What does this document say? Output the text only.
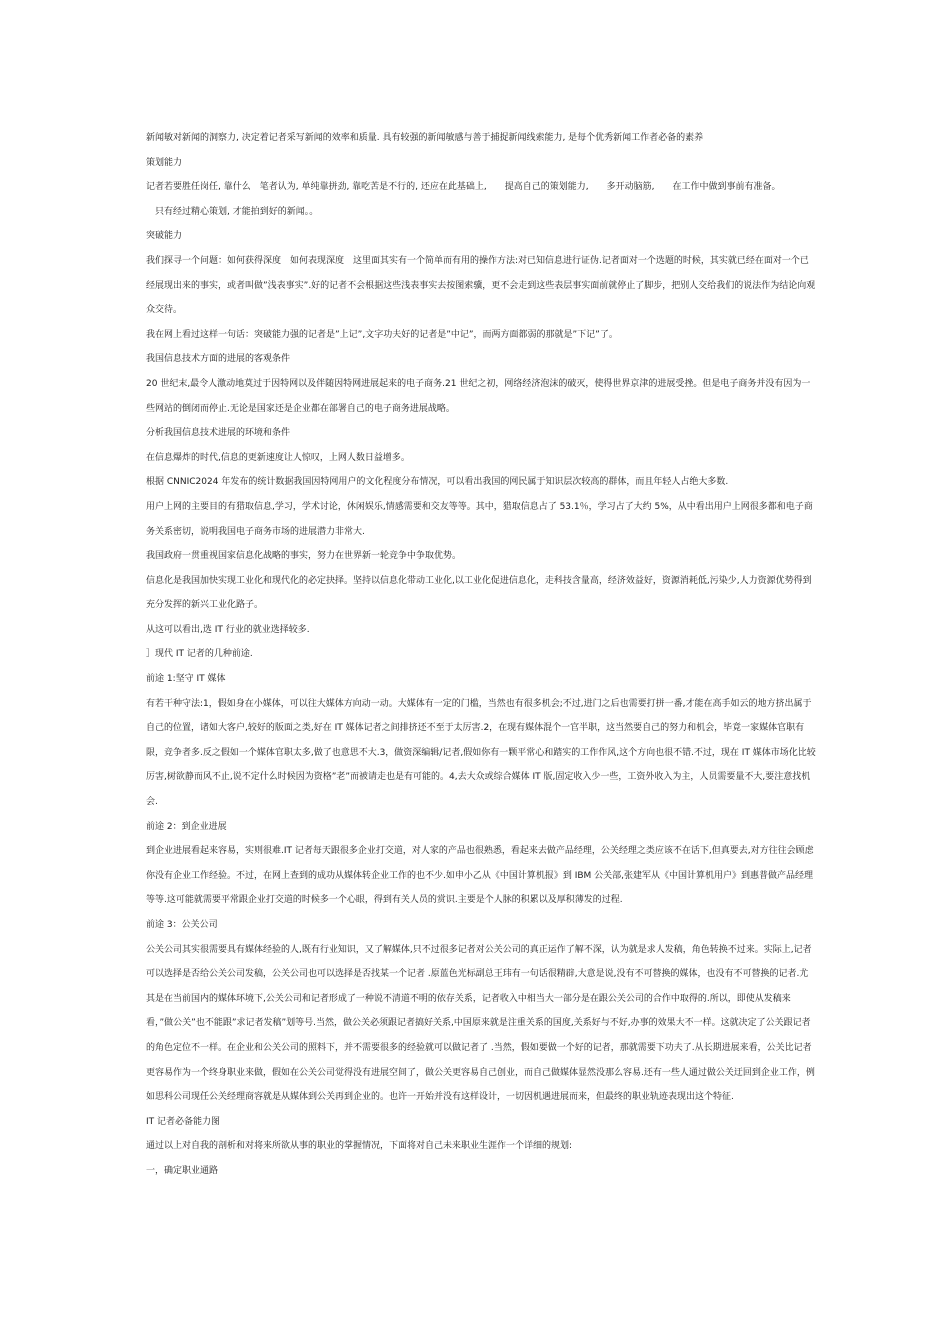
新闻敏对新闻的洞察力, 决定着记者采写新闻的效率和质量. 具有较强的新闻敏感与善于捕捉新闻线索能力, 是每个优秀新闻工作者必备的素养

策划能力

记者若要胜任岗任, 靠什么　笔者认为, 单纯靠拼劲, 靠吃苦是不行的, 还应在此基础上,　　提高自己的策划能力,　　多开动脑筋,　　在工作中做到事前有准备。

只有经过精心策划, 才能拍到好的新闻。。

突破能力

我们探寻一个问题：如何获得深度　如何表现深度　这里面其实有一个简单而有用的操作方法:对已知信息进行证伪.记者面对一个选题的时候，其实就已经在面对一个已经展现出来的事实，或者叫做”浅表事实”.好的记者不会根据这些浅表事实去按图索骥，更不会走到这些表层事实面前就停止了脚步，把别人交给我们的说法作为结论向观众交待。

我在网上看过这样一句话：突破能力强的记者是”上记”,文字功夫好的记者是”中记”，而两方面都弱的那就是”下记”了。

我国信息技术方面的进展的客观条件

20 世纪末,最令人激动地莫过于因特网以及伴随因特网进展起来的电子商务.21 世纪之初，网络经济泡沫的破灭，使得世界京津的进展受挫。但是电子商务并没有因为一些网站的倒闭而停止.无论是国家还是企业都在部署自己的电子商务进展战略。

分析我国信息技术进展的环境和条件

在信息爆炸的时代,信息的更新速度让人惊叹，上网人数日益增多。

根据 CNNIC2024 年发布的统计数据我国因特网用户的文化程度分布情况，可以看出我国的网民属于知识层次较高的群体，而且年轻人占绝大多数.

用户上网的主要目的有猎取信息,学习，学术讨论，休闲娱乐,情感需要和交友等等。其中，猎取信息占了 53.1％，学习占了大约 5%，从中看出用户上网很多都和电子商务关系密切，说明我国电子商务市场的进展潜力非常大.

我国政府一贯重视国家信息化战略的事实，努力在世界新一轮竞争中争取优势。

信息化是我国加快实现工业化和现代化的必定抉择。坚持以信息化带动工业化,以工业化促进信息化，走科技含量高，经济效益好，资源消耗低,污染少,人力资源优势得到充分发挥的新兴工业化路子。

从这可以看出,选 IT 行业的就业选择较多.

］现代 IT 记者的几种前途.

前途 1:坚守 IT 媒体

有若干种守法:1，假如身在小媒体，可以往大媒体方向动一动。大媒体有一定的门槛，当然也有很多机会;不过,进门之后也需要打拼一番,才能在高手如云的地方挤出属于自己的位置，诸如大客户,较好的版面之类,好在 IT 媒体记者之间排挤还不至于太厉害.2，在现有媒体混个一官半职，这当然要自己的努力和机会，毕竟一家媒体官职有限，竞争者多.反之假如一个媒体官职太多,做了也意思不大.3，做资深编辑/记者,假如你有一颗平常心和踏实的工作作风,这个方向也很不错.不过，现在 IT 媒体市场化比较厉害,树欲静而风不止,说不定什么时候因为资格”老”而被请走也是有可能的。4,去大众或综合媒体 IT 版,固定收入少一些，工资外收入为主，人员需要量不大,要注意找机会.

前途 2：到企业进展

到企业进展看起来容易，实则很难.IT 记者每天跟很多企业打交道，对人家的产品也很熟悉，看起来去做产品经理，公关经理之类应该不在话下,但真要去,对方往往会顾虑你没有企业工作经验。不过，在网上查到的成功从媒体转企业工作的也不少.如申小乙从《中国计算机报》到 IBM 公关部,张建军从《中国计算机用户》到惠普做产品经理等等.这可能就需要平常跟企业打交道的时候多一个心眼，得到有关人员的赏识.主要是个人脉的积累以及厚积薄发的过程.

前途 3：公关公司

公关公司其实很需要具有媒体经验的人,既有行业知识，又了解媒体,只不过很多记者对公关公司的真正运作了解不深，认为就是求人发稿，角色转换不过来。实际上,记者可以选择是否给公关公司发稿，公关公司也可以选择是否找某一个记者 .原蓝色光标副总王玮有一句话很精辟,大意是说,没有不可替换的媒体，也没有不可替换的记者.尤其是在当前国内的媒体环境下,公关公司和记者形成了一种说不清道不明的依存关系，记者收入中相当大一部分是在跟公关公司的合作中取得的.所以，即使从发稿来看，”做公关”也不能跟”求记者发稿”划等号.当然，做公关必须跟记者搞好关系,中国原来就是注重关系的国度,关系好与不好,办事的效果大不一样。这就决定了公关跟记者的角色定位不一样。在企业和公关公司的照料下，并不需要很多的经验就可以做记者了 .当然，假如要做一个好的记者，那就需要下功夫了.从长期进展来看，公关比记者更容易作为一个终身职业来做，假如在公关公司觉得没有进展空间了，做公关更容易自己创业，而自己做媒体显然没那么容易.还有一些人通过做公关迂回到企业工作，例如思科公司现任公关经理商容就是从媒体到公关再到企业的。也许一开始并没有这样设计，一切因机遇进展而来，但最终的职业轨迹表现出这个特征.

IT 记者必备能力图

通过以上对自我的剖析和对将来所欲从事的职业的掌握情况，下面将对自己未来职业生涯作一个详细的规划:

一，确定职业通路
